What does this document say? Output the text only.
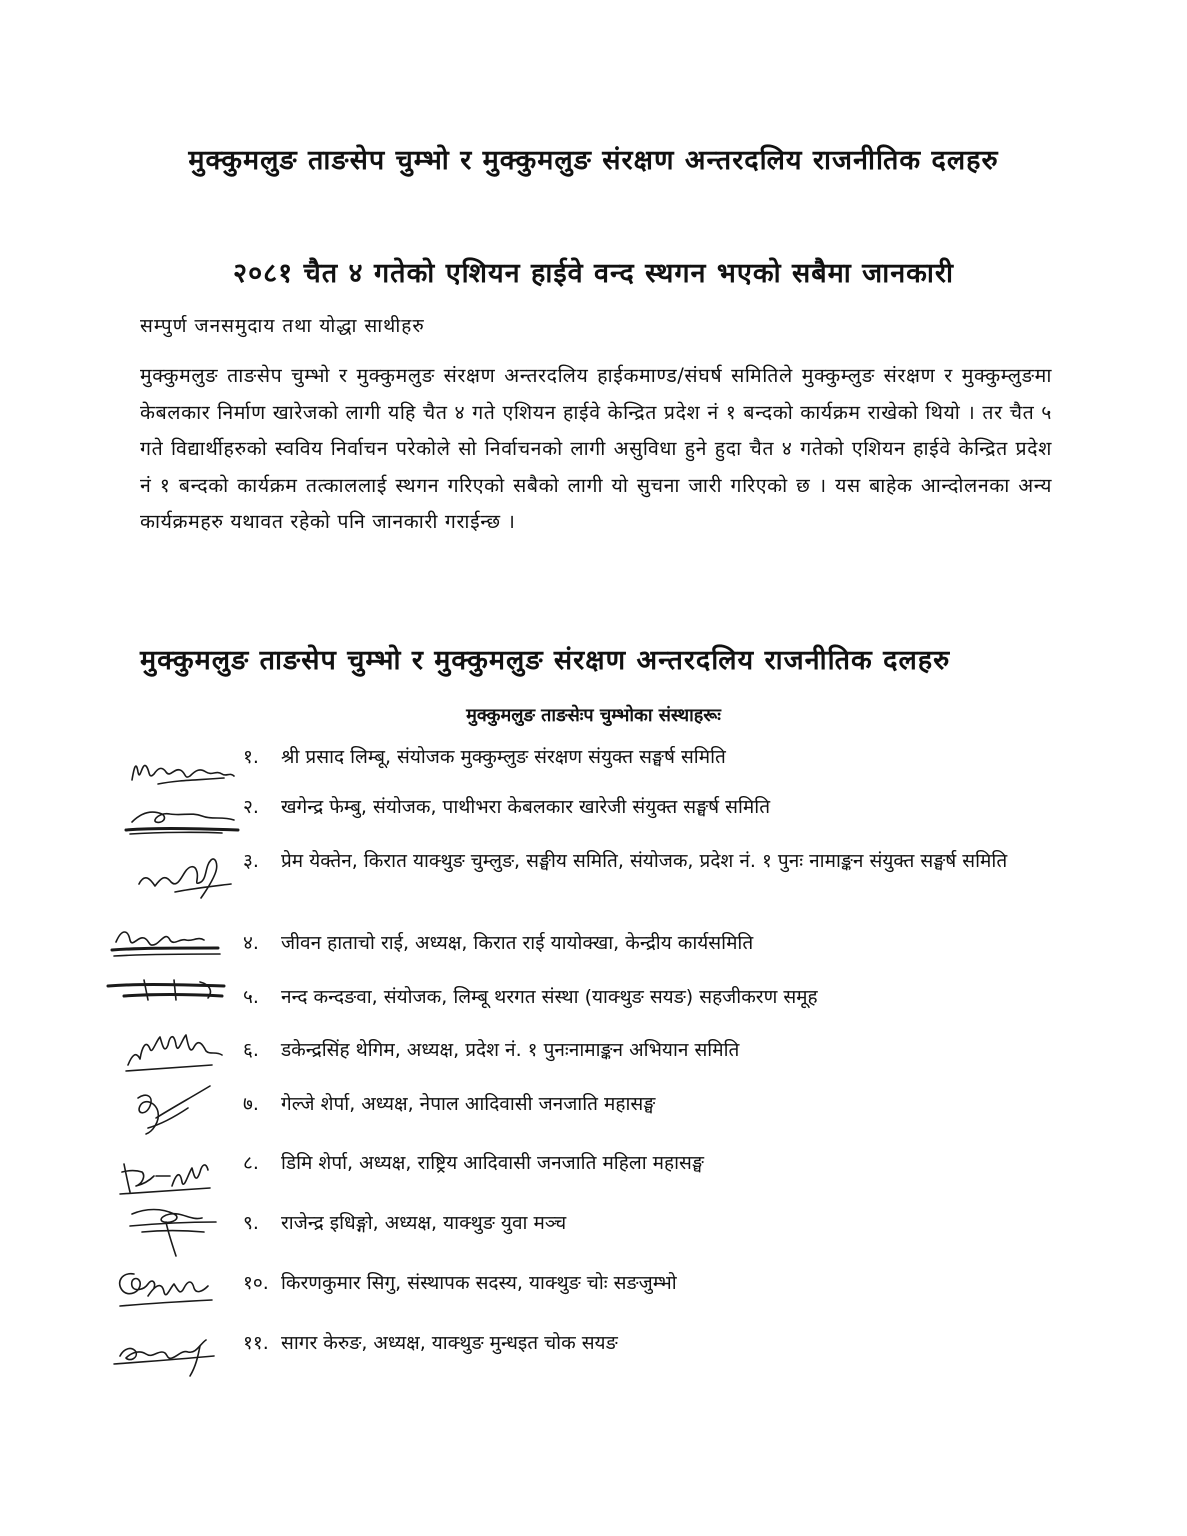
मुक्कुमलुङ ताङसेप चुम्भो र मुक्कुमलुङ संरक्षण अन्तरदलिय राजनीतिक दलहरु
२०८१ चैत ४ गतेको एशियन हाईवे वन्द स्थगन भएको सबैमा जानकारी
सम्पुर्ण जनसमुदाय तथा योद्धा साथीहरु

मुक्कुमलुङ ताङसेप चुम्भो र मुक्कुमलुङ संरक्षण अन्तरदलिय हाईकमाण्ड/संघर्ष समितिले मुक्कुम्लुङ संरक्षण र मुक्कुम्लुङमा केबलकार निर्माण खारेजको लागी यहि चैत ४ गते एशियन हाईवे केन्द्रित प्रदेश नं १ बन्दको कार्यक्रम राखेको थियो । तर चैत ५ गते विद्यार्थीहरुको स्वविय निर्वाचन परेकोले सो निर्वाचनको लागी असुविधा हुने हुदा चैत ४ गतेको एशियन हाईवे केन्द्रित प्रदेश नं १ बन्दको कार्यक्रम तत्काललाई स्थगन गरिएको सबैको लागी यो सुचना जारी गरिएको छ । यस बाहेक आन्दोलनका अन्य कार्यक्रमहरु यथावत रहेको पनि जानकारी गराईन्छ ।

मुक्कुमलुङ ताङसेप चुम्भो र मुक्कुमलुङ संरक्षण अन्तरदलिय राजनीतिक दलहरु
मुक्कुमलुङ ताङसेःप चुम्भोका संस्थाहरूः
१.	श्री प्रसाद लिम्बू, संयोजक मुक्कुम्लुङ संरक्षण संयुक्त सङ्घर्ष समिति
२.	खगेन्द्र फेम्बु, संयोजक, पाथीभरा केबलकार खारेजी संयुक्त सङ्घर्ष समिति
३.	प्रेम येक्तेन, किरात याक्थुङ चुम्लुङ, सङ्घीय समिति, संयोजक, प्रदेश नं. १ पुनः नामाङ्कन संयुक्त सङ्घर्ष समिति
४.	जीवन हाताचो राई, अध्यक्ष, किरात राई यायोक्खा, केन्द्रीय कार्यसमिति
५.	नन्द कन्दङवा, संयोजक, लिम्बू थरगत संस्था (याक्थुङ सयङ) सहजीकरण समूह
६.	डकेन्द्रसिंह थेगिम, अध्यक्ष, प्रदेश नं. १ पुनःनामाङ्कन अभियान समिति
७.	गेल्जे शेर्पा, अध्यक्ष, नेपाल आदिवासी जनजाति महासङ्घ
८.	डिमि शेर्पा, अध्यक्ष, राष्ट्रिय आदिवासी जनजाति महिला महासङ्घ
९.	राजेन्द्र इधिङ्गो, अध्यक्ष, याक्थुङ युवा मञ्च
१०. किरणकुमार सिगु, संस्थापक सदस्य, याक्थुङ चोः सङजुम्भो
११. सागर केरुङ, अध्यक्ष, याक्थुङ मुन्धइत चोक सयङ
